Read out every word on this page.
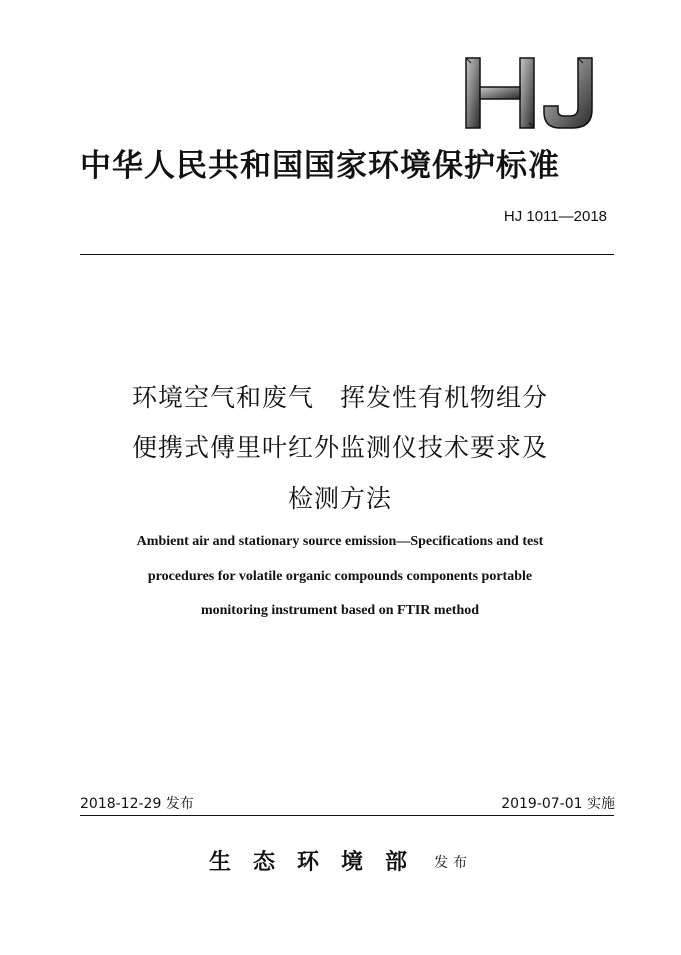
中华人民共和国国家环境保护标准
HJ 1011—2018
环境空气和废气　挥发性有机物组分
便携式傅里叶红外监测仪技术要求及
检测方法
Ambient air and stationary source emission—Specifications and test
procedures for volatile organic compounds components portable
monitoring instrument based on FTIR method
2018-12-29 发布	2019-07-01 实施
生态环境部 发布
